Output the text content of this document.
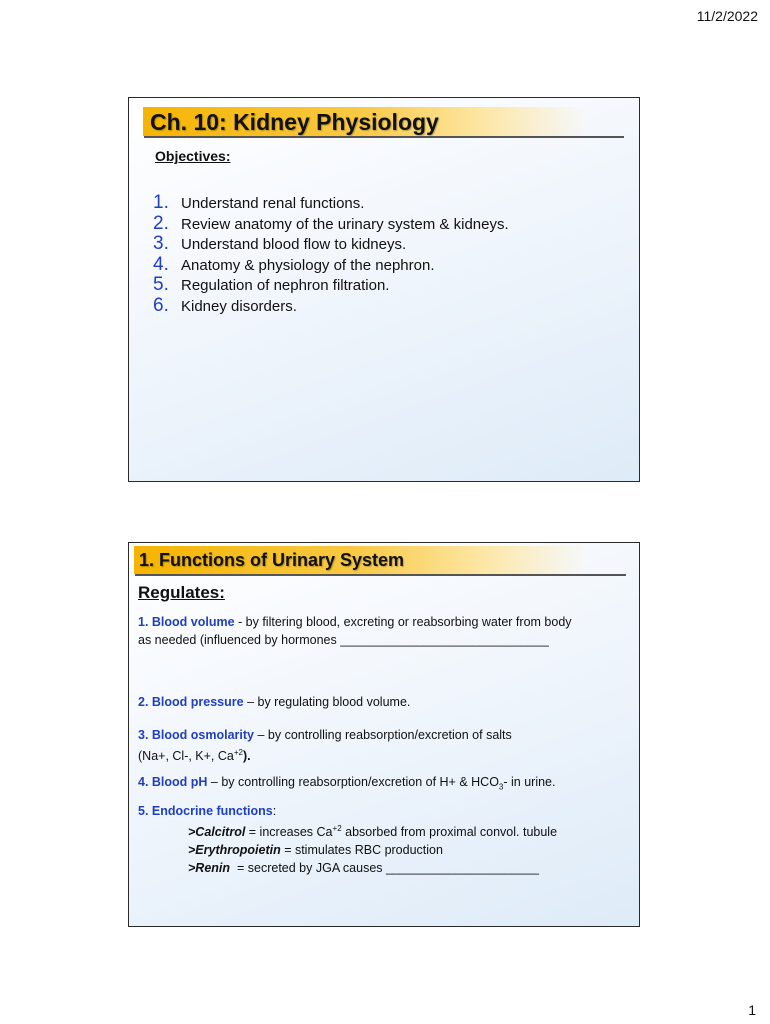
11/2/2022
Ch. 10: Kidney Physiology
Objectives:
1. Understand renal functions.
2. Review anatomy of the urinary system & kidneys.
3. Understand blood flow to kidneys.
4. Anatomy & physiology of the nephron.
5. Regulation of nephron filtration.
6. Kidney disorders.
1. Functions of Urinary System
Regulates:
1. Blood volume - by filtering blood, excreting or reabsorbing water from body
as needed (influenced by hormones ______________________________
2. Blood pressure – by regulating blood volume.
3. Blood osmolarity – by controlling reabsorption/excretion of salts
(Na+, Cl-, K+, $Ca^{+2}$).
4. Blood pH – by controlling reabsorption/excretion of H+ & $HCO_3-$ in urine.
5. Endocrine functions:
>Calcitrol = increases $Ca^{+2}$ absorbed from proximal convol. tubule
>Erythropoietin = stimulates RBC production
>Renin  = secreted by JGA causes ______________________
1
